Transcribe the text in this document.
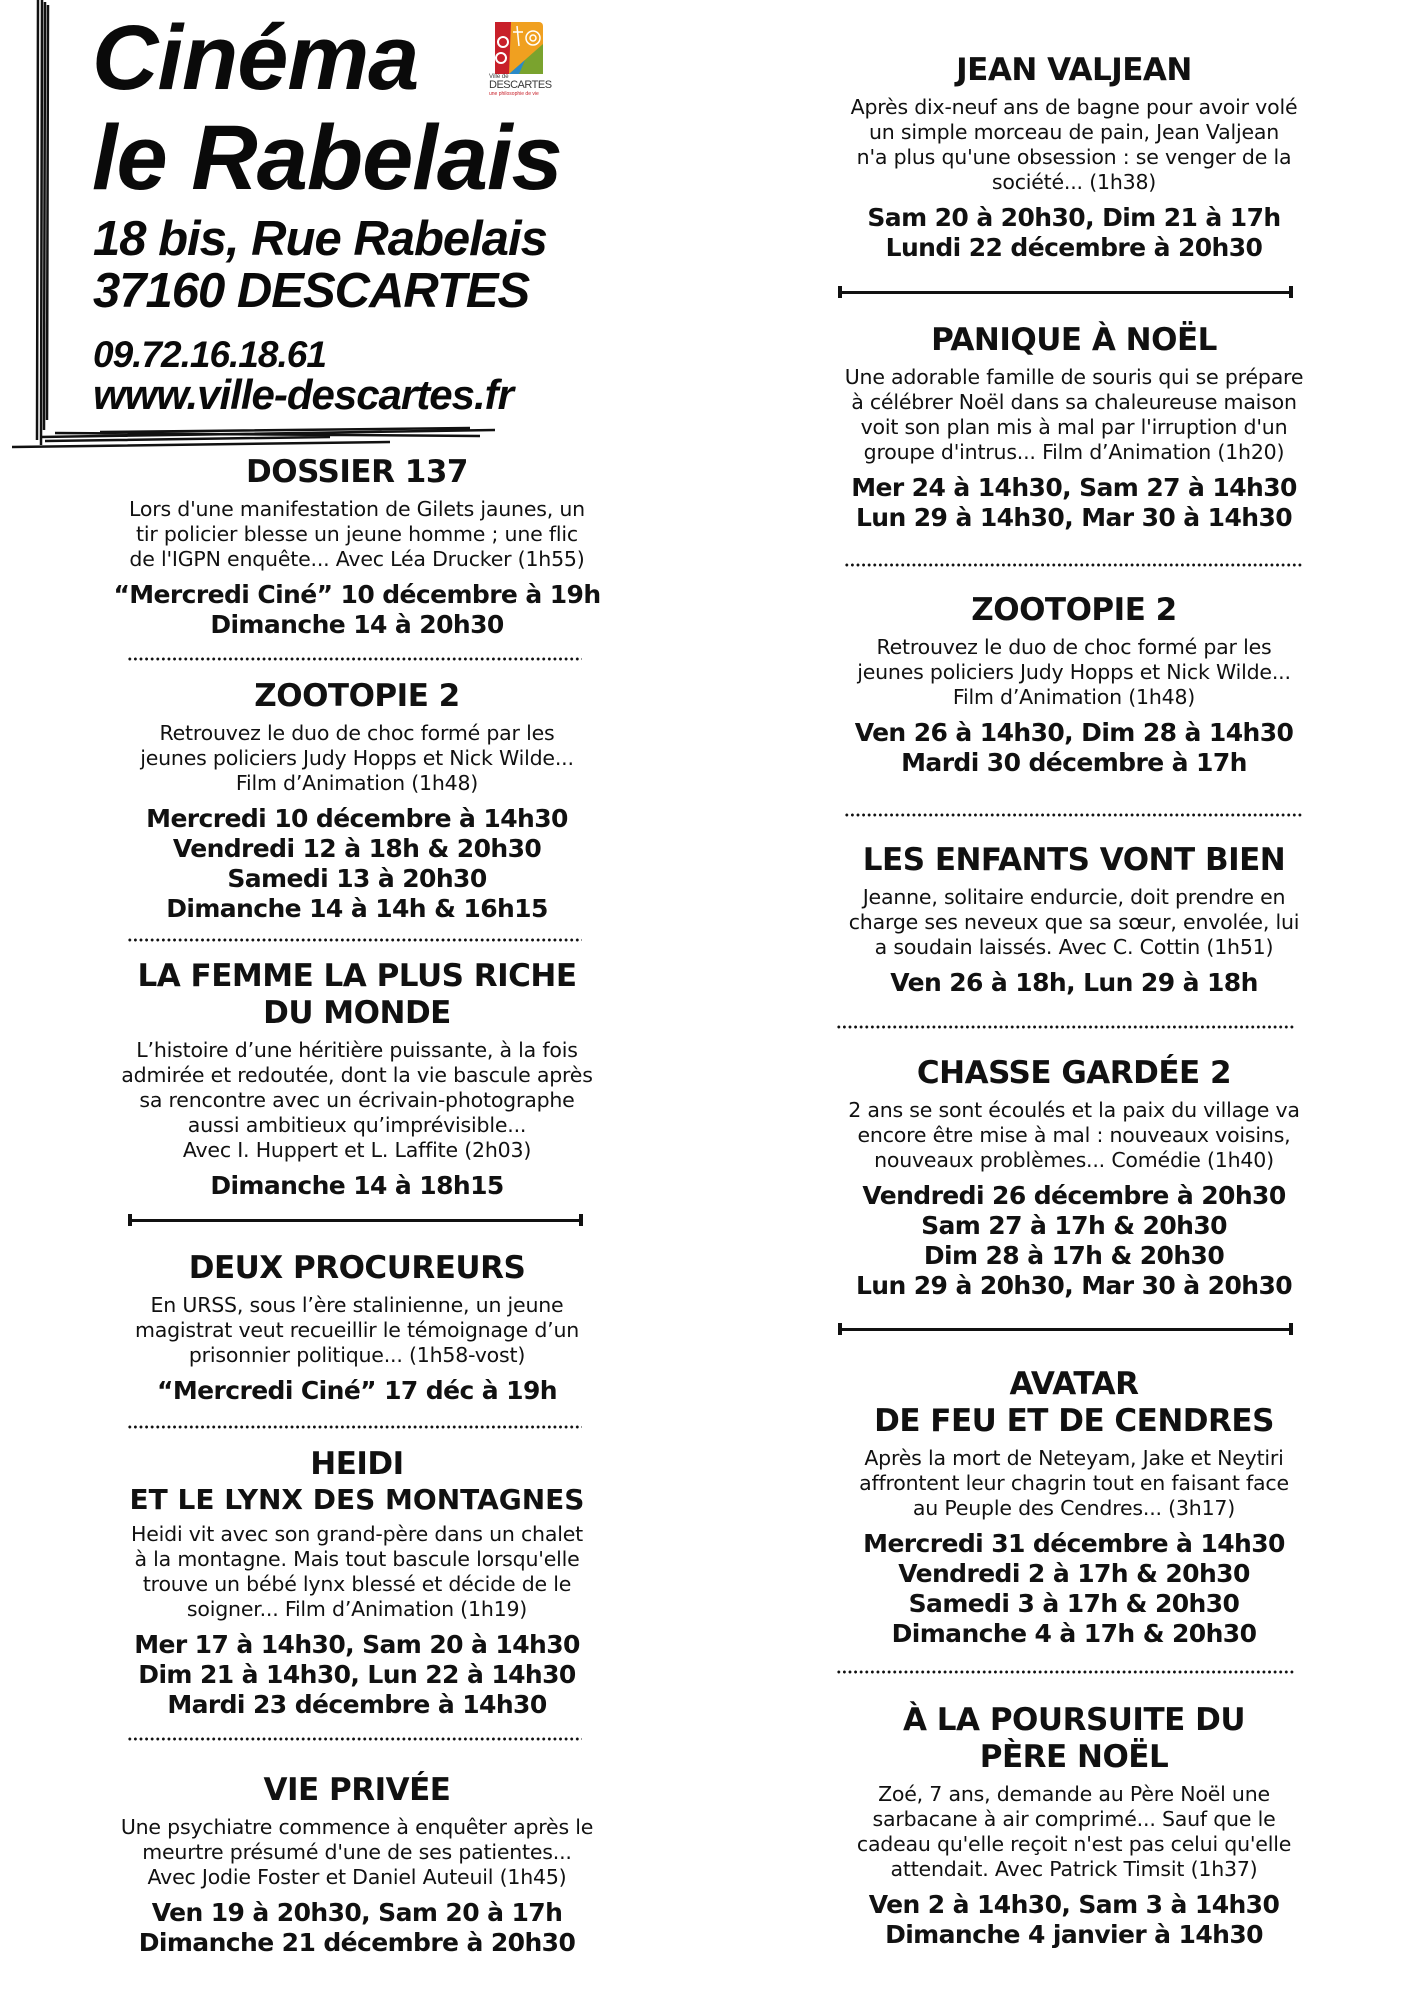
Cinéma
le Rabelais
Ville de
DESCARTES
une philosophie de vie
18 bis, Rue Rabelais
37160 DESCARTES
09.72.16.18.61
www.ville-descartes.fr
DOSSIER 137
Lors d'une manifestation de Gilets jaunes, un
tir policier blesse un jeune homme ; une flic
de l'IGPN enquête... Avec Léa Drucker (1h55)
“Mercredi Ciné” 10 décembre à 19h
Dimanche 14 à 20h30
ZOOTOPIE 2
Retrouvez le duo de choc formé par les
jeunes policiers Judy Hopps et Nick Wilde...
Film d’Animation (1h48)
Mercredi 10 décembre à 14h30
Vendredi 12 à 18h & 20h30
Samedi 13 à 20h30
Dimanche 14 à 14h & 16h15
LA FEMME LA PLUS RICHE
DU MONDE
L’histoire d’une héritière puissante, à la fois
admirée et redoutée, dont la vie bascule après
sa rencontre avec un écrivain-photographe
aussi ambitieux qu’imprévisible...
Avec I. Huppert et L. Laffite (2h03)
Dimanche 14 à 18h15
DEUX PROCUREURS
En URSS, sous l’ère stalinienne, un jeune
magistrat veut recueillir le témoignage d’un
prisonnier politique... (1h58-vost)
“Mercredi Ciné” 17 déc à 19h
HEIDI
ET LE LYNX DES MONTAGNES
Heidi vit avec son grand-père dans un chalet
à la montagne. Mais tout bascule lorsqu'elle
trouve un bébé lynx blessé et décide de le
soigner... Film d’Animation (1h19)
Mer 17 à 14h30, Sam 20 à 14h30
Dim 21 à 14h30, Lun 22 à 14h30
Mardi 23 décembre à 14h30
VIE PRIVÉE
Une psychiatre commence à enquêter après le
meurtre présumé d'une de ses patientes...
Avec Jodie Foster et Daniel Auteuil (1h45)
Ven 19 à 20h30, Sam 20 à 17h
Dimanche 21 décembre à 20h30
JEAN VALJEAN
Après dix-neuf ans de bagne pour avoir volé
un simple morceau de pain, Jean Valjean
n'a plus qu'une obsession : se venger de la
société... (1h38)
Sam 20 à 20h30, Dim 21 à 17h
Lundi 22 décembre à 20h30
PANIQUE À NOËL
Une adorable famille de souris qui se prépare
à célébrer Noël dans sa chaleureuse maison
voit son plan mis à mal par l'irruption d'un
groupe d'intrus... Film d’Animation (1h20)
Mer 24 à 14h30, Sam 27 à 14h30
Lun 29 à 14h30, Mar 30 à 14h30
ZOOTOPIE 2
Retrouvez le duo de choc formé par les
jeunes policiers Judy Hopps et Nick Wilde...
Film d’Animation (1h48)
Ven 26 à 14h30, Dim 28 à 14h30
Mardi 30 décembre à 17h
LES ENFANTS VONT BIEN
Jeanne, solitaire endurcie, doit prendre en
charge ses neveux que sa sœur, envolée, lui
a soudain laissés. Avec C. Cottin (1h51)
Ven 26 à 18h, Lun 29 à 18h
CHASSE GARDÉE 2
2 ans se sont écoulés et la paix du village va
encore être mise à mal : nouveaux voisins,
nouveaux problèmes... Comédie (1h40)
Vendredi 26 décembre à 20h30
Sam 27 à 17h & 20h30
Dim 28 à 17h & 20h30
Lun 29 à 20h30, Mar 30 à 20h30
AVATAR
DE FEU ET DE CENDRES
Après la mort de Neteyam, Jake et Neytiri
affrontent leur chagrin tout en faisant face
au Peuple des Cendres... (3h17)
Mercredi 31 décembre à 14h30
Vendredi 2 à 17h & 20h30
Samedi 3 à 17h & 20h30
Dimanche 4 à 17h & 20h30
À LA POURSUITE DU
PÈRE NOËL
Zoé, 7 ans, demande au Père Noël une
sarbacane à air comprimé... Sauf que le
cadeau qu'elle reçoit n'est pas celui qu'elle
attendait. Avec Patrick Timsit (1h37)
Ven 2 à 14h30, Sam 3 à 14h30
Dimanche 4 janvier à 14h30
